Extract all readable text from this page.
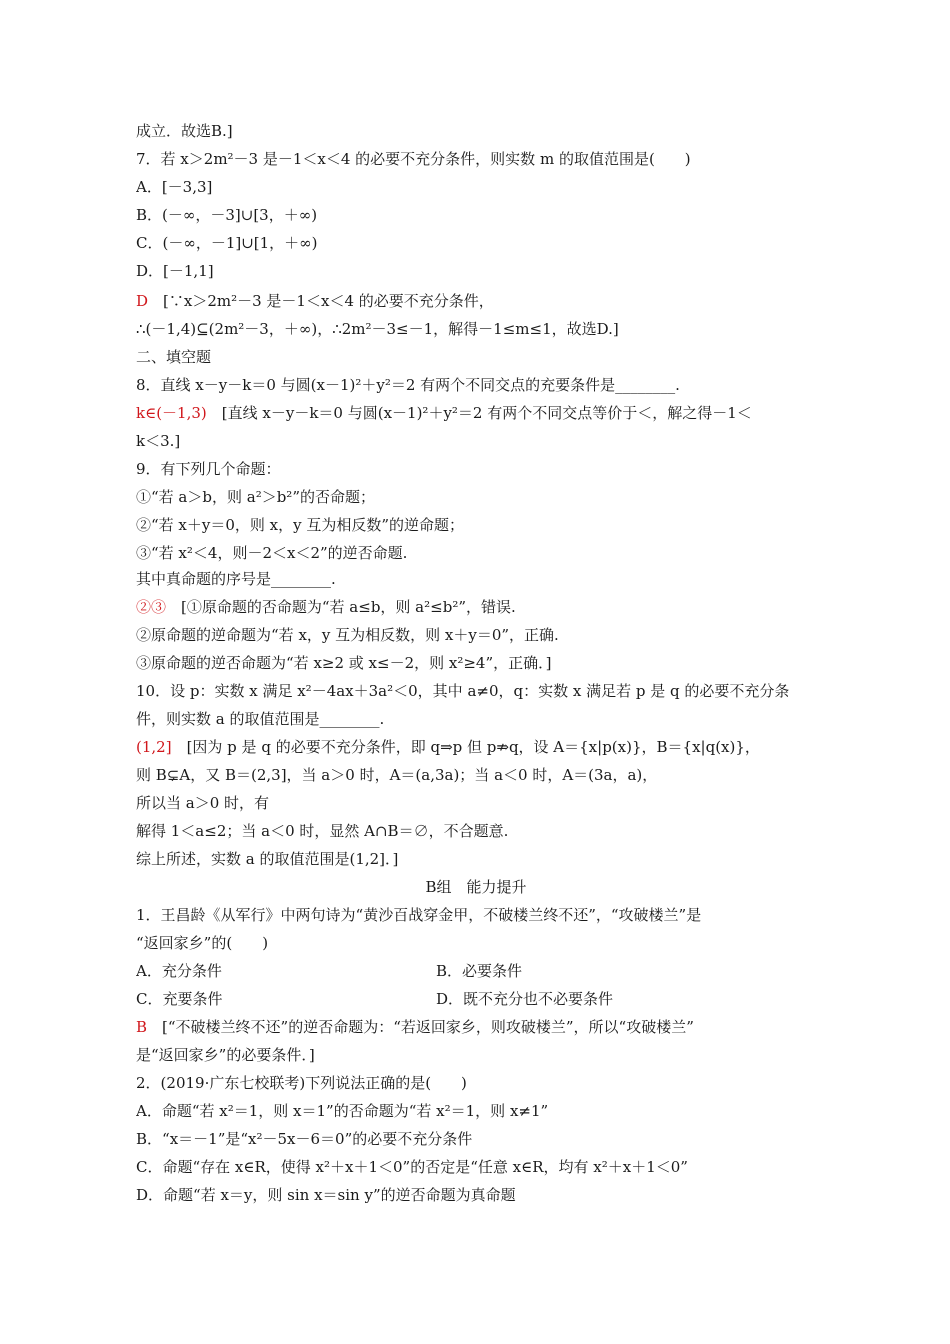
成立．故选B.]
7．若 x＞2m²－3 是－1＜x＜4 的必要不充分条件，则实数 m 的取值范围是(　　)
A．[－3,3]
B．(－∞，－3]∪[3，＋∞)
C．(－∞，－1]∪[1，＋∞)
D．[－1,1]
D　[∵x＞2m²－3 是－1＜x＜4 的必要不充分条件，
∴(－1,4)⊆(2m²－3，＋∞)，∴2m²－3≤－1，解得－1≤m≤1，故选D.]
二、填空题
8．直线 x－y－k＝0 与圆(x－1)²＋y²＝2 有两个不同交点的充要条件是________.
k∈(－1,3)　[直线 x－y－k＝0 与圆(x－1)²＋y²＝2 有两个不同交点等价于＜，解之得－1＜
k＜3.]
9．有下列几个命题：
①“若 a＞b，则 a²＞b²”的否命题；
②“若 x＋y＝0，则 x，y 互为相反数”的逆命题；
③“若 x²＜4，则－2＜x＜2”的逆否命题.
其中真命题的序号是________.
②③　[①原命题的否命题为“若 a≤b，则 a²≤b²”，错误.
②原命题的逆命题为“若 x，y 互为相反数，则 x＋y＝0”，正确.
③原命题的逆否命题为“若 x≥2 或 x≤－2，则 x²≥4”，正确．]
10．设 p：实数 x 满足 x²－4ax＋3a²＜0，其中 a≠0，q：实数 x 满足若 p 是 q 的必要不充分条
件，则实数 a 的取值范围是________.
(1,2]　[因为 p 是 q 的必要不充分条件，即 q⇒p 但 p⇏q，设 A＝{x|p(x)}，B＝{x|q(x)}，
则 B⊊A，又 B＝(2,3]，当 a＞0 时，A＝(a,3a)；当 a＜0 时，A＝(3a，a)，
所以当 a＞0 时，有
解得 1＜a≤2；当 a＜0 时，显然 A∩B＝∅，不合题意.
综上所述，实数 a 的取值范围是(1,2]．]
B组　能力提升
1．王昌龄《从军行》中两句诗为“黄沙百战穿金甲，不破楼兰终不还”，“攻破楼兰”是
“返回家乡”的(　　)
A．充分条件	B．必要条件
C．充要条件	D．既不充分也不必要条件
B　[“不破楼兰终不还”的逆否命题为：“若返回家乡，则攻破楼兰”，所以“攻破楼兰”
是“返回家乡”的必要条件．]
2．(2019·广东七校联考)下列说法正确的是(　　)
A．命题“若 x²＝1，则 x＝1”的否命题为“若 x²＝1，则 x≠1”
B．“x＝－1”是“x²－5x－6＝0”的必要不充分条件
C．命题“存在 x∈R，使得 x²＋x＋1＜0”的否定是“任意 x∈R，均有 x²＋x＋1＜0”
D．命题“若 x＝y，则 sin x＝sin y”的逆否命题为真命题
